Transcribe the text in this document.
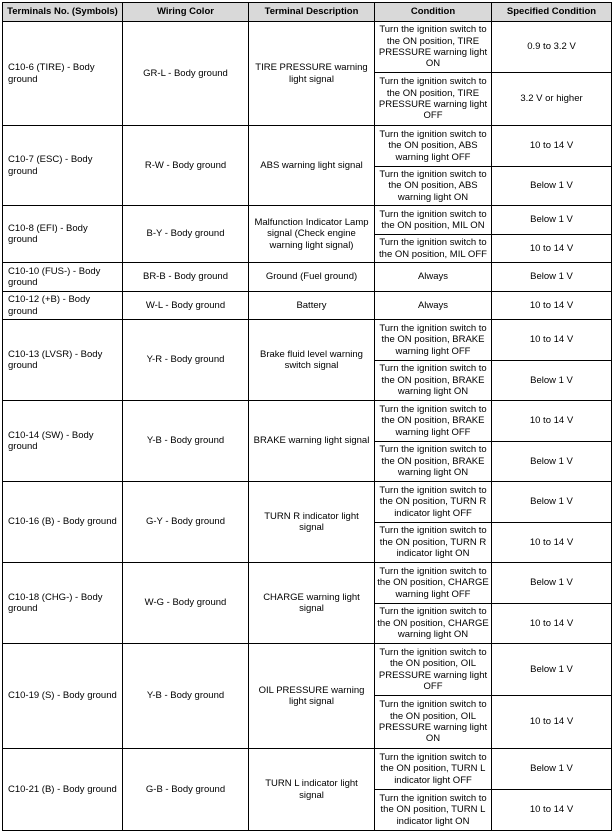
Terminals No. (Symbols)	Wiring Color	Terminal Description	Condition	Specified Condition
C10-6 (TIRE) - Body ground	GR-L - Body ground	TIRE PRESSURE warning light signal	Turn the ignition switch to the ON position, TIRE PRESSURE warning light ON	0.9 to 3.2 V
			Turn the ignition switch to the ON position, TIRE PRESSURE warning light OFF	3.2 V or higher
C10-7 (ESC) - Body ground	R-W - Body ground	ABS warning light signal	Turn the ignition switch to the ON position, ABS warning light OFF	10 to 14 V
			Turn the ignition switch to the ON position, ABS warning light ON	Below 1 V
C10-8 (EFI) - Body ground	B-Y - Body ground	Malfunction Indicator Lamp signal (Check engine warning light signal)	Turn the ignition switch to the ON position, MIL ON	Below 1 V
			Turn the ignition switch to the ON position, MIL OFF	10 to 14 V
C10-10 (FUS-) - Body ground	BR-B - Body ground	Ground (Fuel ground)	Always	Below 1 V
C10-12 (+B) - Body ground	W-L - Body ground	Battery	Always	10 to 14 V
C10-13 (LVSR) - Body ground	Y-R - Body ground	Brake fluid level warning switch signal	Turn the ignition switch to the ON position, BRAKE warning light OFF	10 to 14 V
			Turn the ignition switch to the ON position, BRAKE warning light ON	Below 1 V
C10-14 (SW) - Body ground	Y-B - Body ground	BRAKE warning light signal	Turn the ignition switch to the ON position, BRAKE warning light OFF	10 to 14 V
			Turn the ignition switch to the ON position, BRAKE warning light ON	Below 1 V
C10-16 (B) - Body ground	G-Y - Body ground	TURN R indicator light signal	Turn the ignition switch to the ON position, TURN R indicator light OFF	Below 1 V
			Turn the ignition switch to the ON position, TURN R indicator light ON	10 to 14 V
C10-18 (CHG-) - Body ground	W-G - Body ground	CHARGE warning light signal	Turn the ignition switch to the ON position, CHARGE warning light OFF	Below 1 V
			Turn the ignition switch to the ON position, CHARGE warning light ON	10 to 14 V
C10-19 (S) - Body ground	Y-B - Body ground	OIL PRESSURE warning light signal	Turn the ignition switch to the ON position, OIL PRESSURE warning light OFF	Below 1 V
			Turn the ignition switch to the ON position, OIL PRESSURE warning light ON	10 to 14 V
C10-21 (B) - Body ground	G-B - Body ground	TURN L indicator light signal	Turn the ignition switch to the ON position, TURN L indicator light OFF	Below 1 V
			Turn the ignition switch to the ON position, TURN L indicator light ON	10 to 14 V
